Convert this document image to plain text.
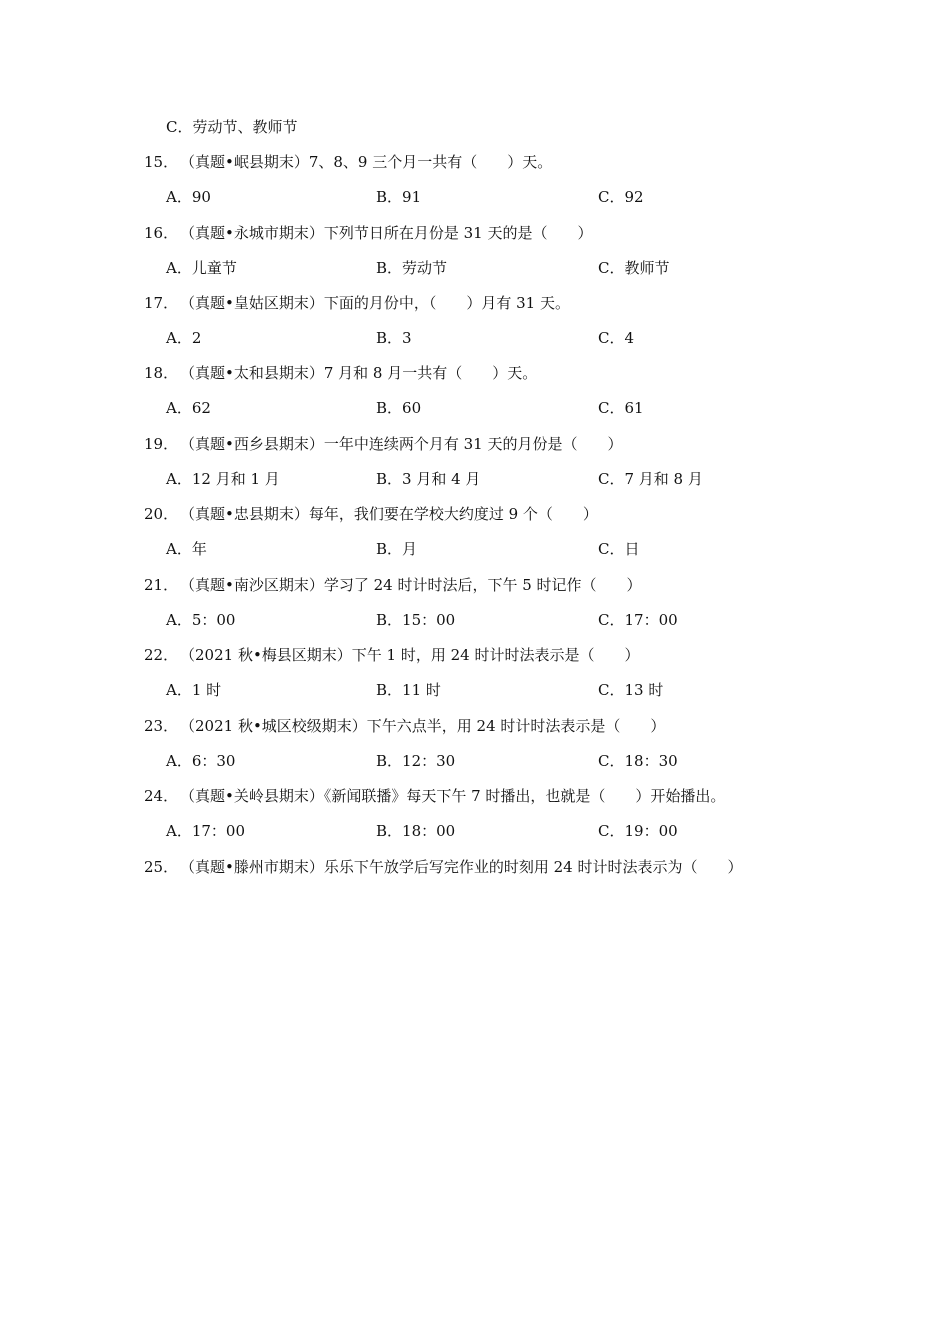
C．劳动节、教师节
15． （真题•岷县期末）7、8、9 三个月一共有（　　）天。
A．90	B．91	C．92
16． （真题•永城市期末）下列节日所在月份是 31 天的是（　　）
A．儿童节	B．劳动节	C．教师节
17． （真题•皇姑区期末）下面的月份中，（　　）月有 31 天。
A．2	B．3	C．4
18． （真题•太和县期末）7 月和 8 月一共有（　　）天。
A．62	B．60	C．61
19． （真题•西乡县期末）一年中连续两个月有 31 天的月份是（　　）
A．12 月和 1 月	B．3 月和 4 月	C．7 月和 8 月
20． （真题•忠县期末）每年，我们要在学校大约度过 9 个（　　）
A．年	B．月	C．日
21． （真题•南沙区期末）学习了 24 时计时法后，下午 5 时记作（　　）
A．5：00	B．15：00	C．17：00
22． （2021 秋•梅县区期末）下午 1 时，用 24 时计时法表示是（　　）
A．1 时	B．11 时	C．13 时
23． （2021 秋•城区校级期末）下午六点半，用 24 时计时法表示是（　　）
A．6：30	B．12：30	C．18：30
24． （真题•关岭县期末）《新闻联播》每天下午 7 时播出，也就是（　　）开始播出。
A．17：00	B．18：00	C．19：00
25． （真题•滕州市期末）乐乐下午放学后写完作业的时刻用 24 时计时法表示为（　　）
